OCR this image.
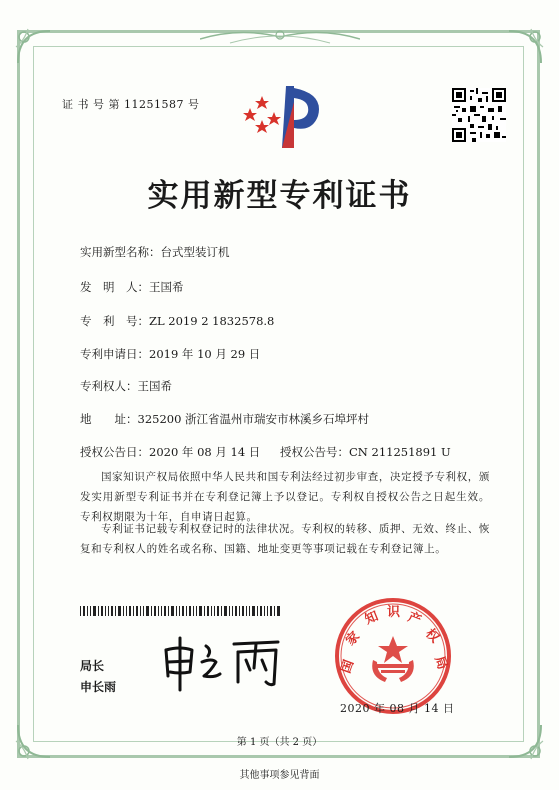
证 书 号 第 11251587 号
实用新型专利证书
实用新型名称：台式型装订机
发　明　人：王国希
专　利　号：ZL 2019 2 1832578.8
专利申请日：2019 年 10 月 29 日
专利权人：王国希
地　　址：325200 浙江省温州市瑞安市林溪乡石埠坪村
授权公告日：2020 年 08 月 14 日 授权公告号：CN 211251891 U
国家知识产权局依照中华人民共和国专利法经过初步审查，决定授予专利权，颁发实用新型专利证书并在专利登记簿上予以登记。专利权自授权公告之日起生效。专利权期限为十年，自申请日起算。
专利证书记载专利权登记时的法律状况。专利权的转移、质押、无效、终止、恢复和专利权人的姓名或名称、国籍、地址变更等事项记载在专利登记簿上。
局长
申长雨
国
家
知 识 产
权
局
2020 年 08 月 14 日
第 1 页（共 2 页）
其他事项参见背面
